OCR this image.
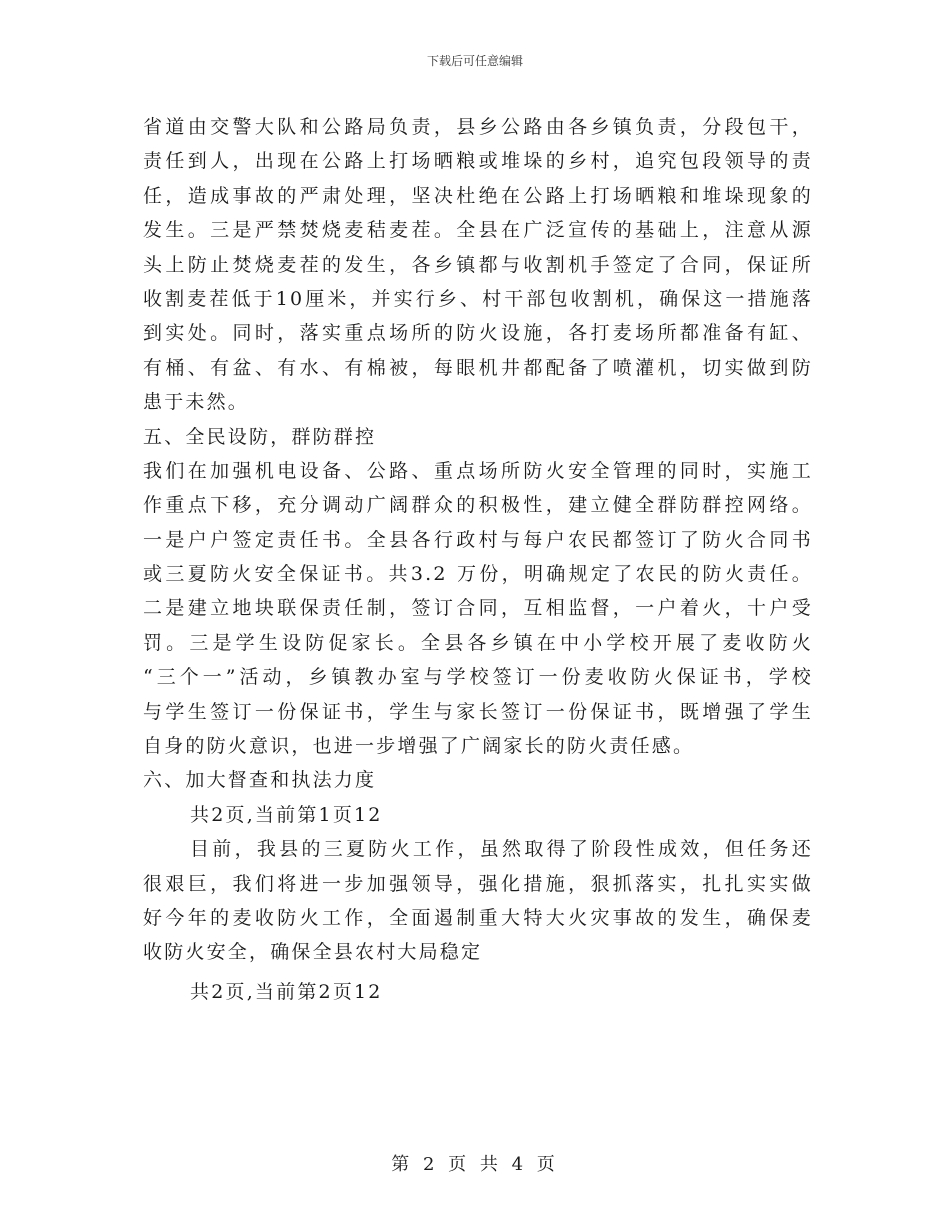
下载后可任意编辑
省道由交警大队和公路局负责，县乡公路由各乡镇负责，分段包干，
责任到人，出现在公路上打场晒粮或堆垛的乡村，追究包段领导的责
任，造成事故的严肃处理，坚决杜绝在公路上打场晒粮和堆垛现象的
发生。三是严禁焚烧麦秸麦茬。全县在广泛宣传的基础上，注意从源
头上防止焚烧麦茬的发生，各乡镇都与收割机手签定了合同，保证所
收割麦茬低于10厘米，并实行乡、村干部包收割机，确保这一措施落
到实处。同时，落实重点场所的防火设施，各打麦场所都准备有缸、
有桶、有盆、有水、有棉被，每眼机井都配备了喷灌机，切实做到防
患于未然。
五、全民设防，群防群控
我们在加强机电设备、公路、重点场所防火安全管理的同时，实施工
作重点下移，充分调动广阔群众的积极性，建立健全群防群控网络。
一是户户签定责任书。全县各行政村与每户农民都签订了防火合同书
或三夏防火安全保证书。共3.2 万份，明确规定了农民的防火责任。
二是建立地块联保责任制，签订合同，互相监督，一户着火，十户受
罚。三是学生设防促家长。全县各乡镇在中小学校开展了麦收防火
“三个一”活动，乡镇教办室与学校签订一份麦收防火保证书，学校
与学生签订一份保证书，学生与家长签订一份保证书，既增强了学生
自身的防火意识，也进一步增强了广阔家长的防火责任感。
六、加大督查和执法力度
共2页,当前第1页12
目前，我县的三夏防火工作，虽然取得了阶段性成效，但任务还
很艰巨，我们将进一步加强领导，强化措施，狠抓落实，扎扎实实做
好今年的麦收防火工作，全面遏制重大特大火灾事故的发生，确保麦
收防火安全，确保全县农村大局稳定
共2页,当前第2页12
第 2 页 共 4 页
